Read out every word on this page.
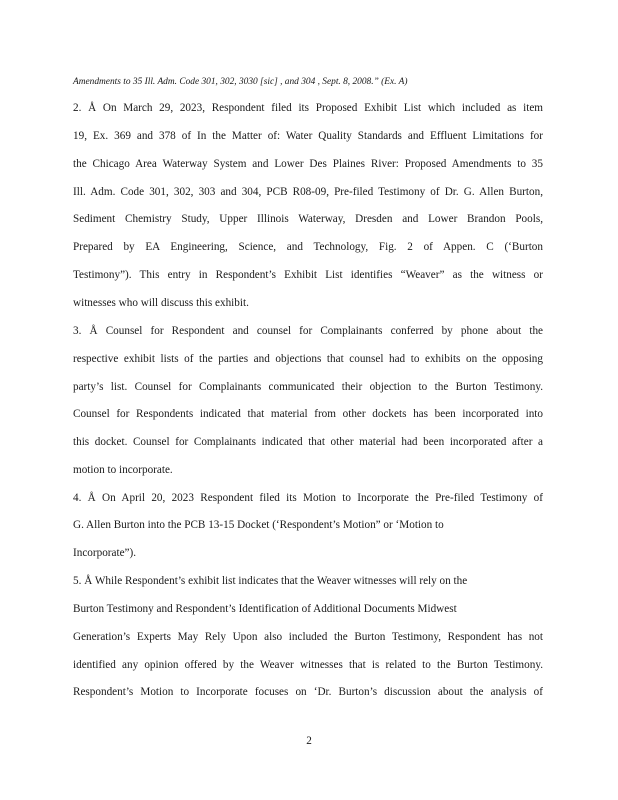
Amendments to 35 Ill. Adm. Code 301, 302, 3030 [sic] , and 304 , Sept. 8, 2008.” (Ex. A)
2. Å On March 29, 2023, Respondent filed its Proposed Exhibit List which included as item
19, Ex. 369 and 378 of In the Matter of: Water Quality Standards and Effluent Limitations for
the Chicago Area Waterway System and Lower Des Plaines River: Proposed Amendments to 35
Ill. Adm. Code 301, 302, 303 and 304, PCB R08-09, Pre-filed Testimony of Dr. G. Allen Burton,
Sediment Chemistry Study, Upper Illinois Waterway, Dresden and Lower Brandon Pools,
Prepared by EA Engineering, Science, and Technology, Fig. 2 of Appen. C (‘Burton
Testimony”). This entry in Respondent’s Exhibit List identifies “Weaver” as the witness or
witnesses who will discuss this exhibit.
3. Å Counsel for Respondent and counsel for Complainants conferred by phone about the
respective exhibit lists of the parties and objections that counsel had to exhibits on the opposing
party’s list. Counsel for Complainants communicated their objection to the Burton Testimony.
Counsel for Respondents indicated that material from other dockets has been incorporated into
this docket. Counsel for Complainants indicated that other material had been incorporated after a
motion to incorporate.
4. Å On April 20, 2023 Respondent filed its Motion to Incorporate the Pre-filed Testimony of
G. Allen Burton into the PCB 13-15 Docket (‘Respondent’s Motion” or ‘Motion to
Incorporate”).
5. Å While Respondent’s exhibit list indicates that the Weaver witnesses will rely on the
Burton Testimony and Respondent’s Identification of Additional Documents Midwest
Generation’s Experts May Rely Upon also included the Burton Testimony, Respondent has not
identified any opinion offered by the Weaver witnesses that is related to the Burton Testimony.
Respondent’s Motion to Incorporate focuses on ‘Dr. Burton’s discussion about the analysis of
2
